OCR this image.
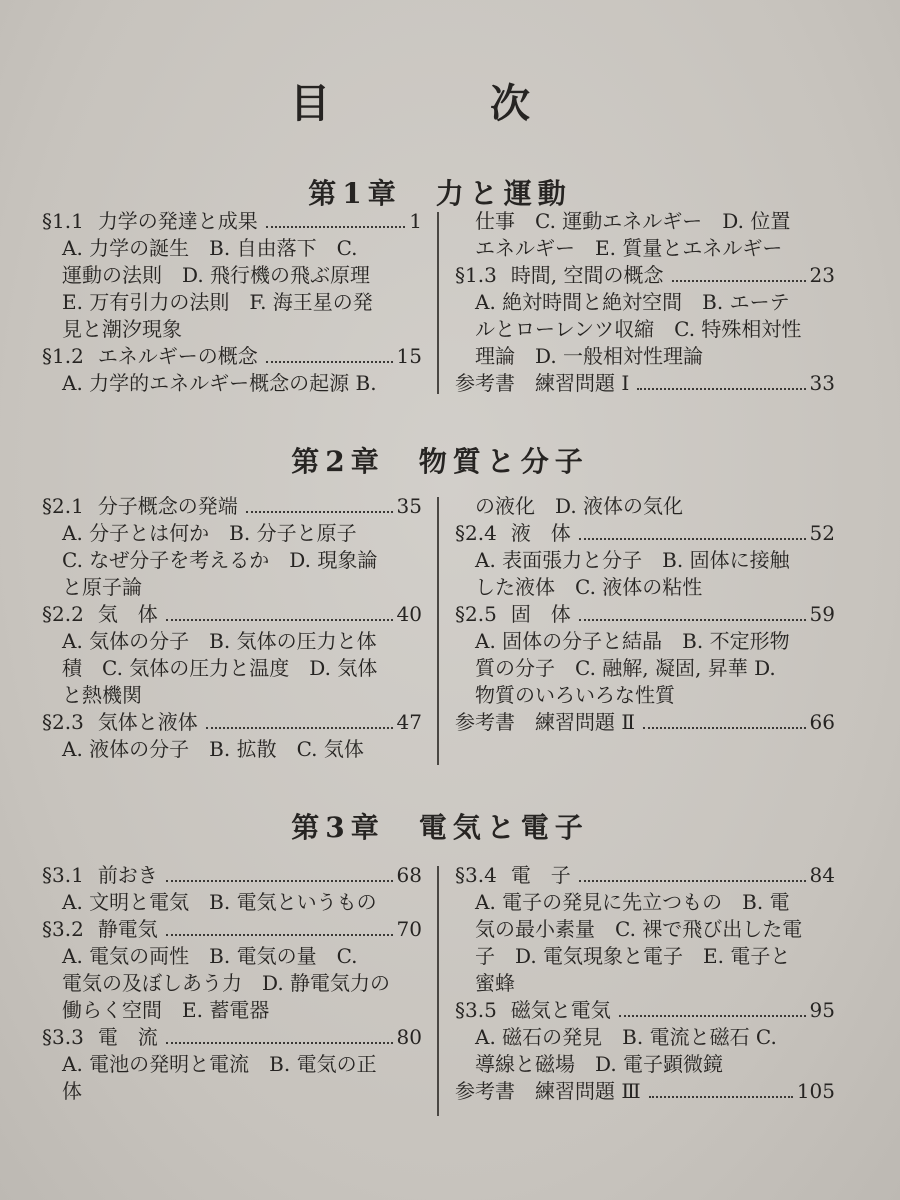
目　次
第1章　力と運動
§1.1 力学の発達と成果	1
A. 力学の誕生　B. 自由落下　C.
運動の法則　D. 飛行機の飛ぶ原理
E. 万有引力の法則　F. 海王星の発
見と潮汐現象
§1.2 エネルギーの概念	15
A. 力学的エネルギー概念の起源 B.
仕事　C. 運動エネルギー　D. 位置
エネルギー　E. 質量とエネルギー
§1.3 時間, 空間の概念	23
A. 絶対時間と絶対空間　B. エーテ
ルとローレンツ収縮　C. 特殊相対性
理論　D. 一般相対性理論
参考書　練習問題 Ⅰ	33
第2章　物質と分子
§2.1 分子概念の発端	35
A. 分子とは何か　B. 分子と原子
C. なぜ分子を考えるか　D. 現象論
と原子論
§2.2 気　体	40
A. 気体の分子　B. 気体の圧力と体
積　C. 気体の圧力と温度　D. 気体
と熱機関
§2.3 気体と液体	47
A. 液体の分子　B. 拡散　C. 気体
の液化　D. 液体の気化
§2.4 液　体	52
A. 表面張力と分子　B. 固体に接触
した液体　C. 液体の粘性
§2.5 固　体	59
A. 固体の分子と結晶　B. 不定形物
質の分子　C. 融解, 凝固, 昇華 D.
物質のいろいろな性質
参考書　練習問題 Ⅱ	66
第3章　電気と電子
§3.1 前おき	68
A. 文明と電気　B. 電気というもの
§3.2 静電気	70
A. 電気の両性　B. 電気の量　C.
電気の及ぼしあう力　D. 静電気力の
働らく空間　E. 蓄電器
§3.3 電　流	80
A. 電池の発明と電流　B. 電気の正
体
§3.4 電　子	84
A. 電子の発見に先立つもの　B. 電
気の最小素量　C. 裸で飛び出した電
子　D. 電気現象と電子　E. 電子と
蜜蜂
§3.5 磁気と電気	95
A. 磁石の発見　B. 電流と磁石 C.
導線と磁場　D. 電子顕微鏡
参考書　練習問題 Ⅲ	105
